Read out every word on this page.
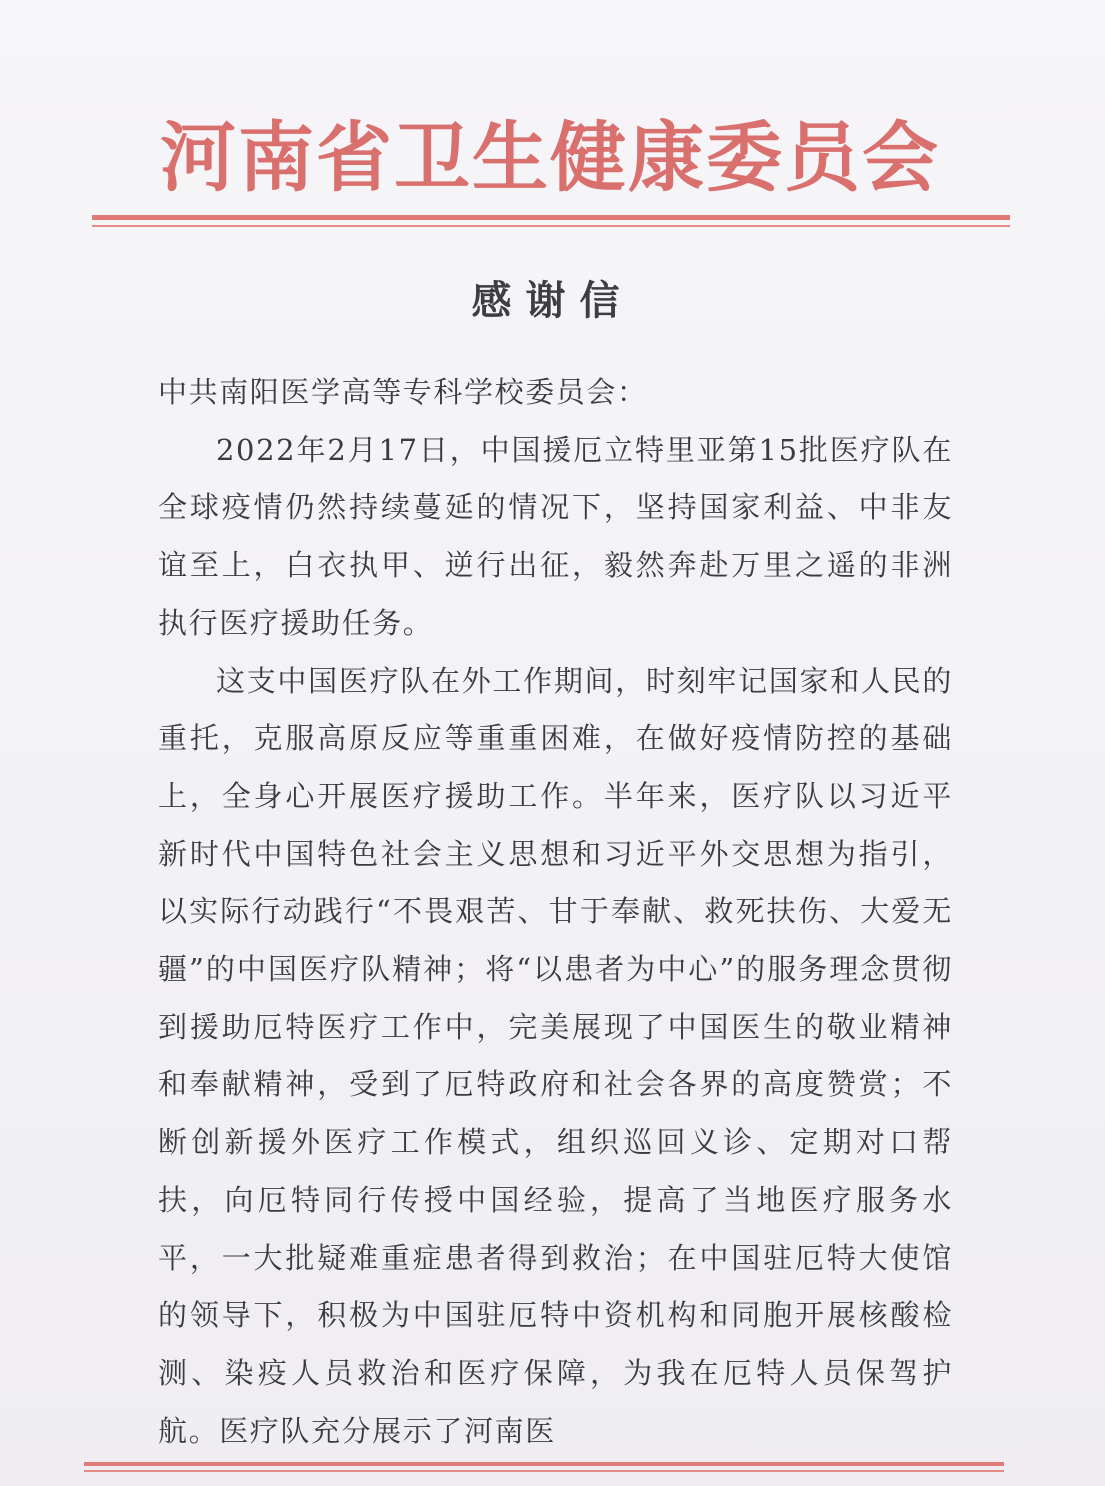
河南省卫生健康委员会
感谢信

中共南阳医学高等专科学校委员会：

2022年2月17日，中国援厄立特里亚第15批医疗队在全球疫情仍然持续蔓延的情况下，坚持国家利益、中非友谊至上，白衣执甲、逆行出征，毅然奔赴万里之遥的非洲执行医疗援助任务。

这支中国医疗队在外工作期间，时刻牢记国家和人民的重托，克服高原反应等重重困难，在做好疫情防控的基础上，全身心开展医疗援助工作。半年来，医疗队以习近平新时代中国特色社会主义思想和习近平外交思想为指引，以实际行动践行“不畏艰苦、甘于奉献、救死扶伤、大爱无疆”的中国医疗队精神；将“以患者为中心”的服务理念贯彻到援助厄特医疗工作中，完美展现了中国医生的敬业精神和奉献精神，受到了厄特政府和社会各界的高度赞赏；不断创新援外医疗工作模式，组织巡回义诊、定期对口帮扶，向厄特同行传授中国经验，提高了当地医疗服务水平，一大批疑难重症患者得到救治；在中国驻厄特大使馆的领导下，积极为中国驻厄特中资机构和同胞开展核酸检测、染疫人员救治和医疗保障，为我在厄特人员保驾护航。医疗队充分展示了河南医
